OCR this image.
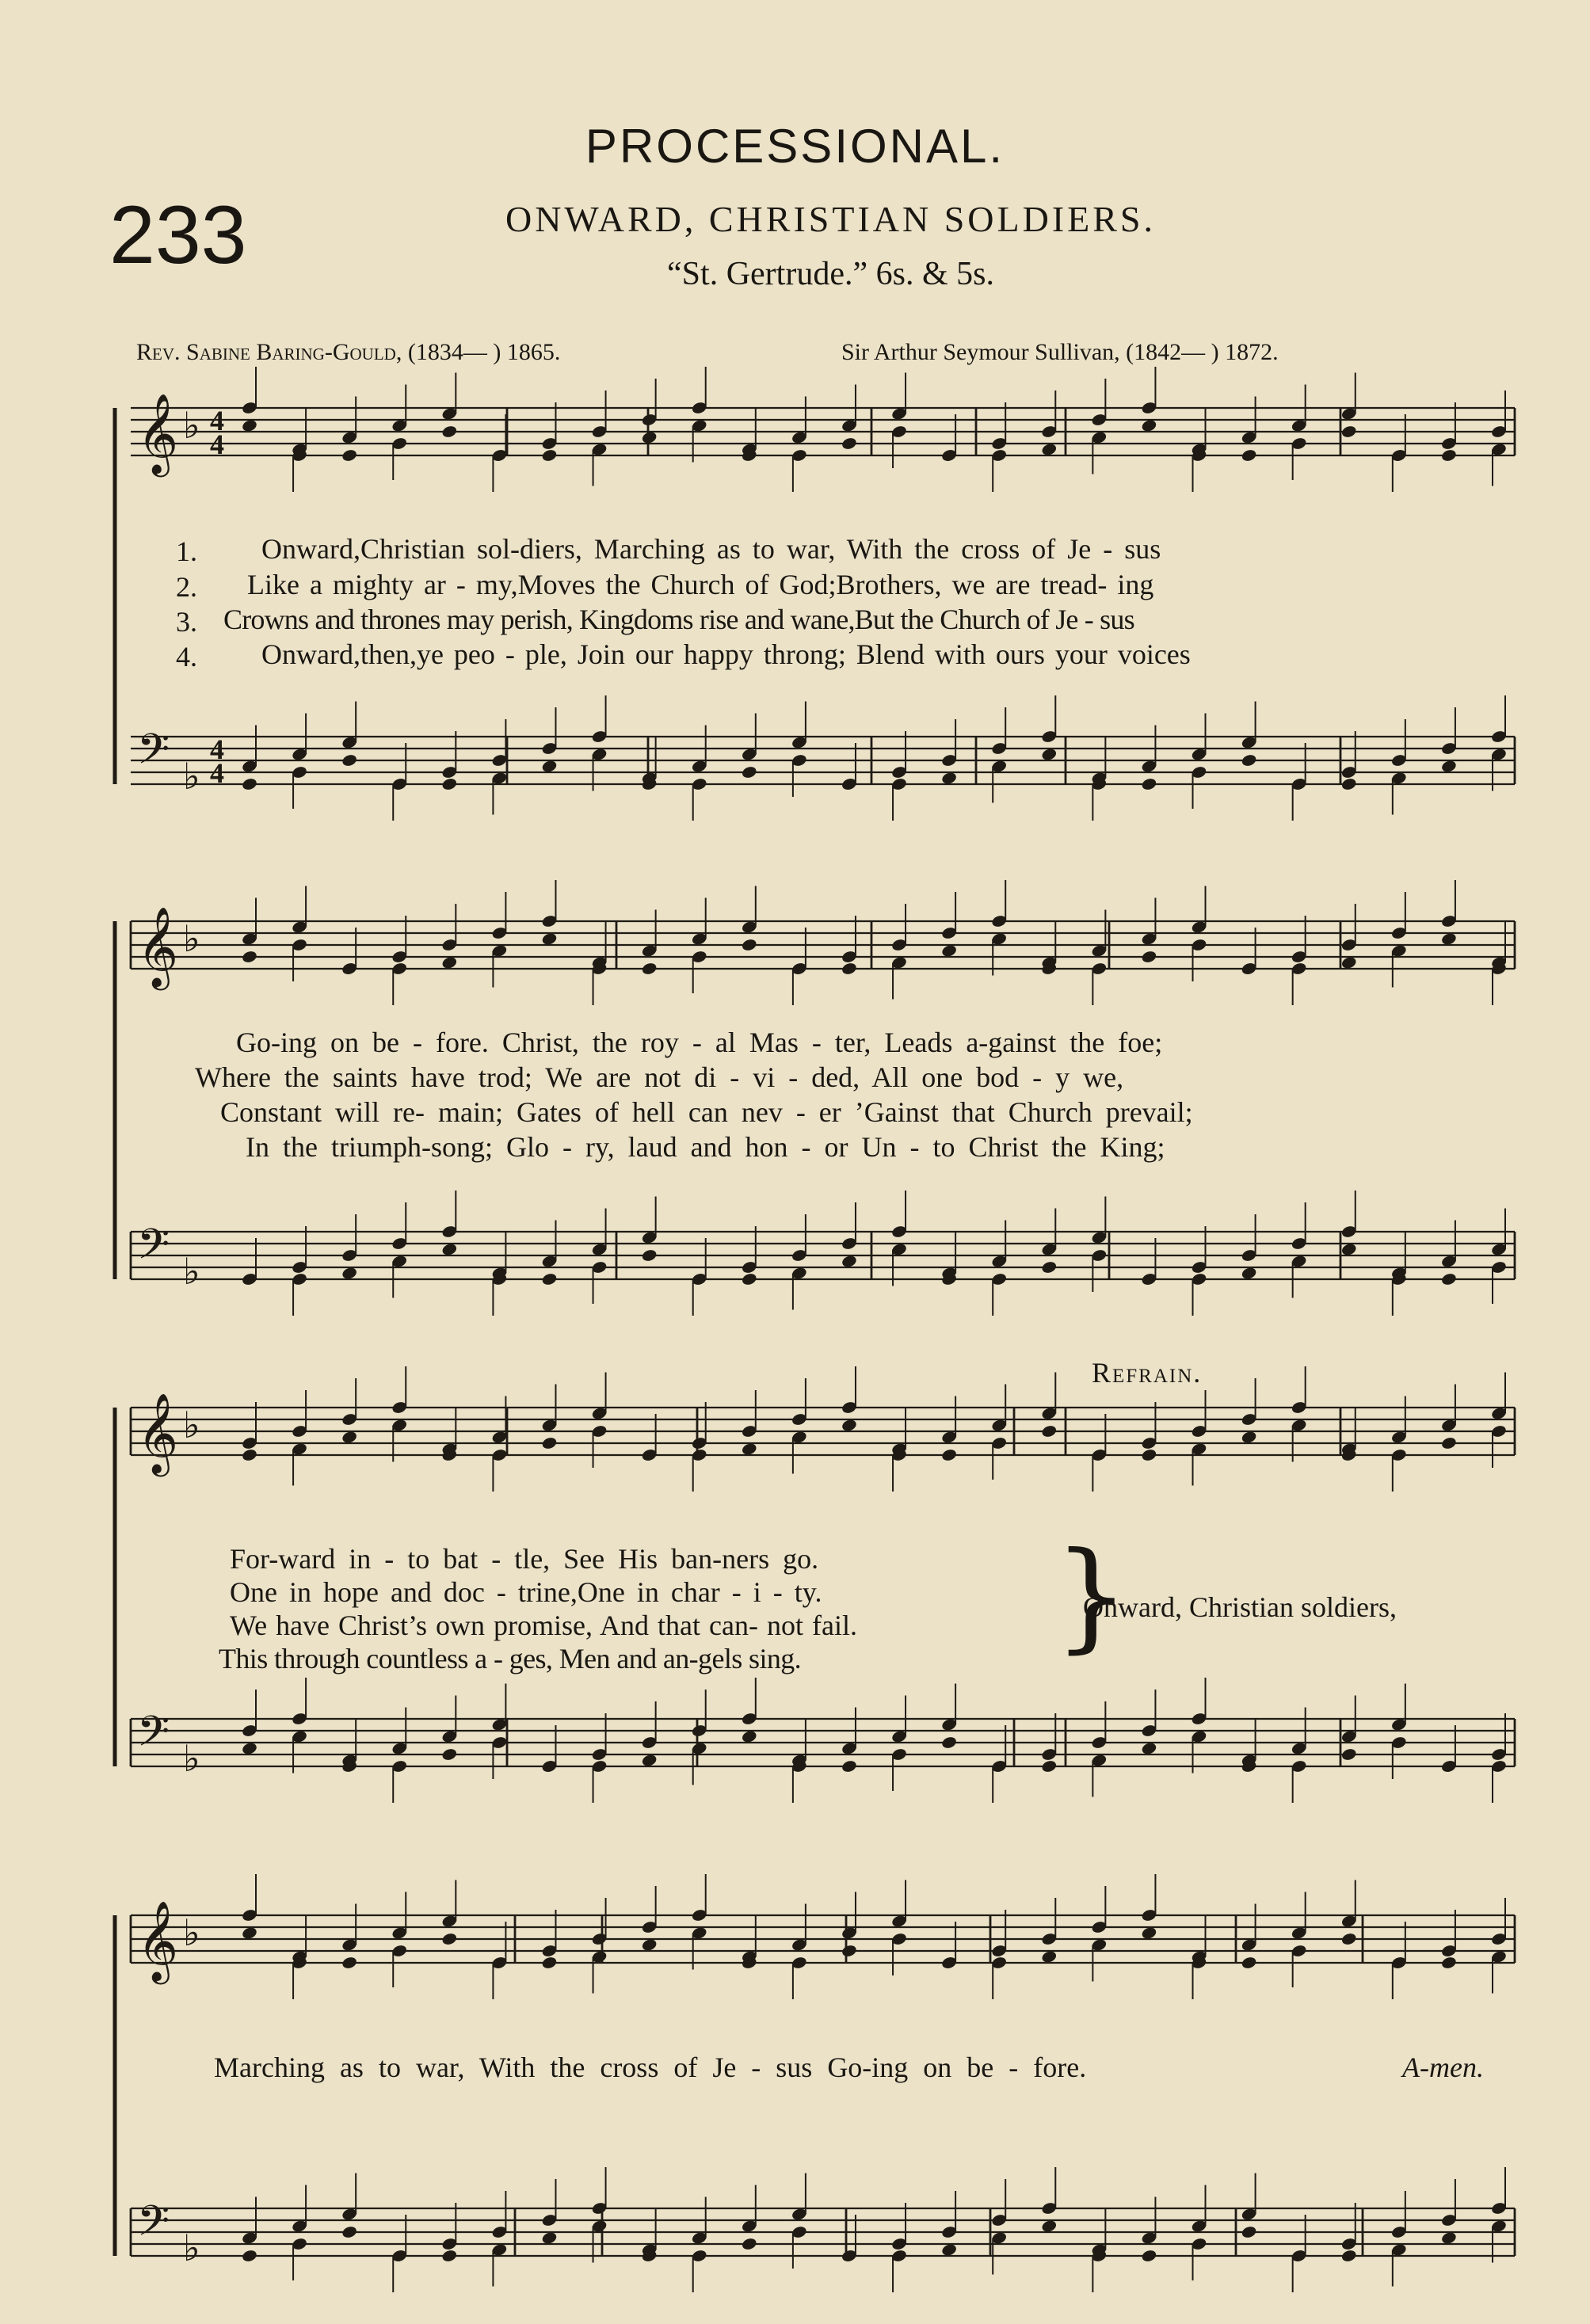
PROCESSIONAL.
233	ONWARD, CHRISTIAN SOLDIERS.
“St. Gertrude.” 6s. & 5s.
Rev. Sabine Baring-Gould, (1834— ) 1865.	Sir Arthur Seymour Sullivan, (1842— ) 1872.
𝄞 ♭ 4
4
𝄢 ♭
4
4
𝄞 ♭
𝄢 ♭
𝄞 ♭
𝄢 ♭
𝄞 ♭
𝄢 ♭
1. Onward,Christian sol-diers, Marching as to war, With the cross of Je - sus
2. Like a mighty ar - my,Moves the Church of God;Brothers, we are tread- ing
3. Crowns and thrones may perish, Kingdoms rise and wane,But the Church of Je - sus
4. Onward,then,ye peo - ple, Join our happy throng; Blend with ours your voices
Go-ing on be - fore. Christ, the roy - al Mas - ter, Leads a-gainst the foe;
Where the saints have trod; We are not di - vi - ded, All one bod - y we,
Constant will re- main; Gates of hell can nev - er ’Gainst that Church prevail;
In the triumph-song; Glo - ry, laud and hon - or Un - to Christ the King;
For-ward in - to bat - tle, See His ban-ners go.
One in hope and doc - trine,One in char - i - ty.
We have Christ’s own promise, And that can- not fail.
This through countless a - ges, Men and an-gels sing.
Refrain.
}
Onward, Christian soldiers,
Marching as to war, With the cross of Je - sus Go-ing on be - fore.	A-men.
